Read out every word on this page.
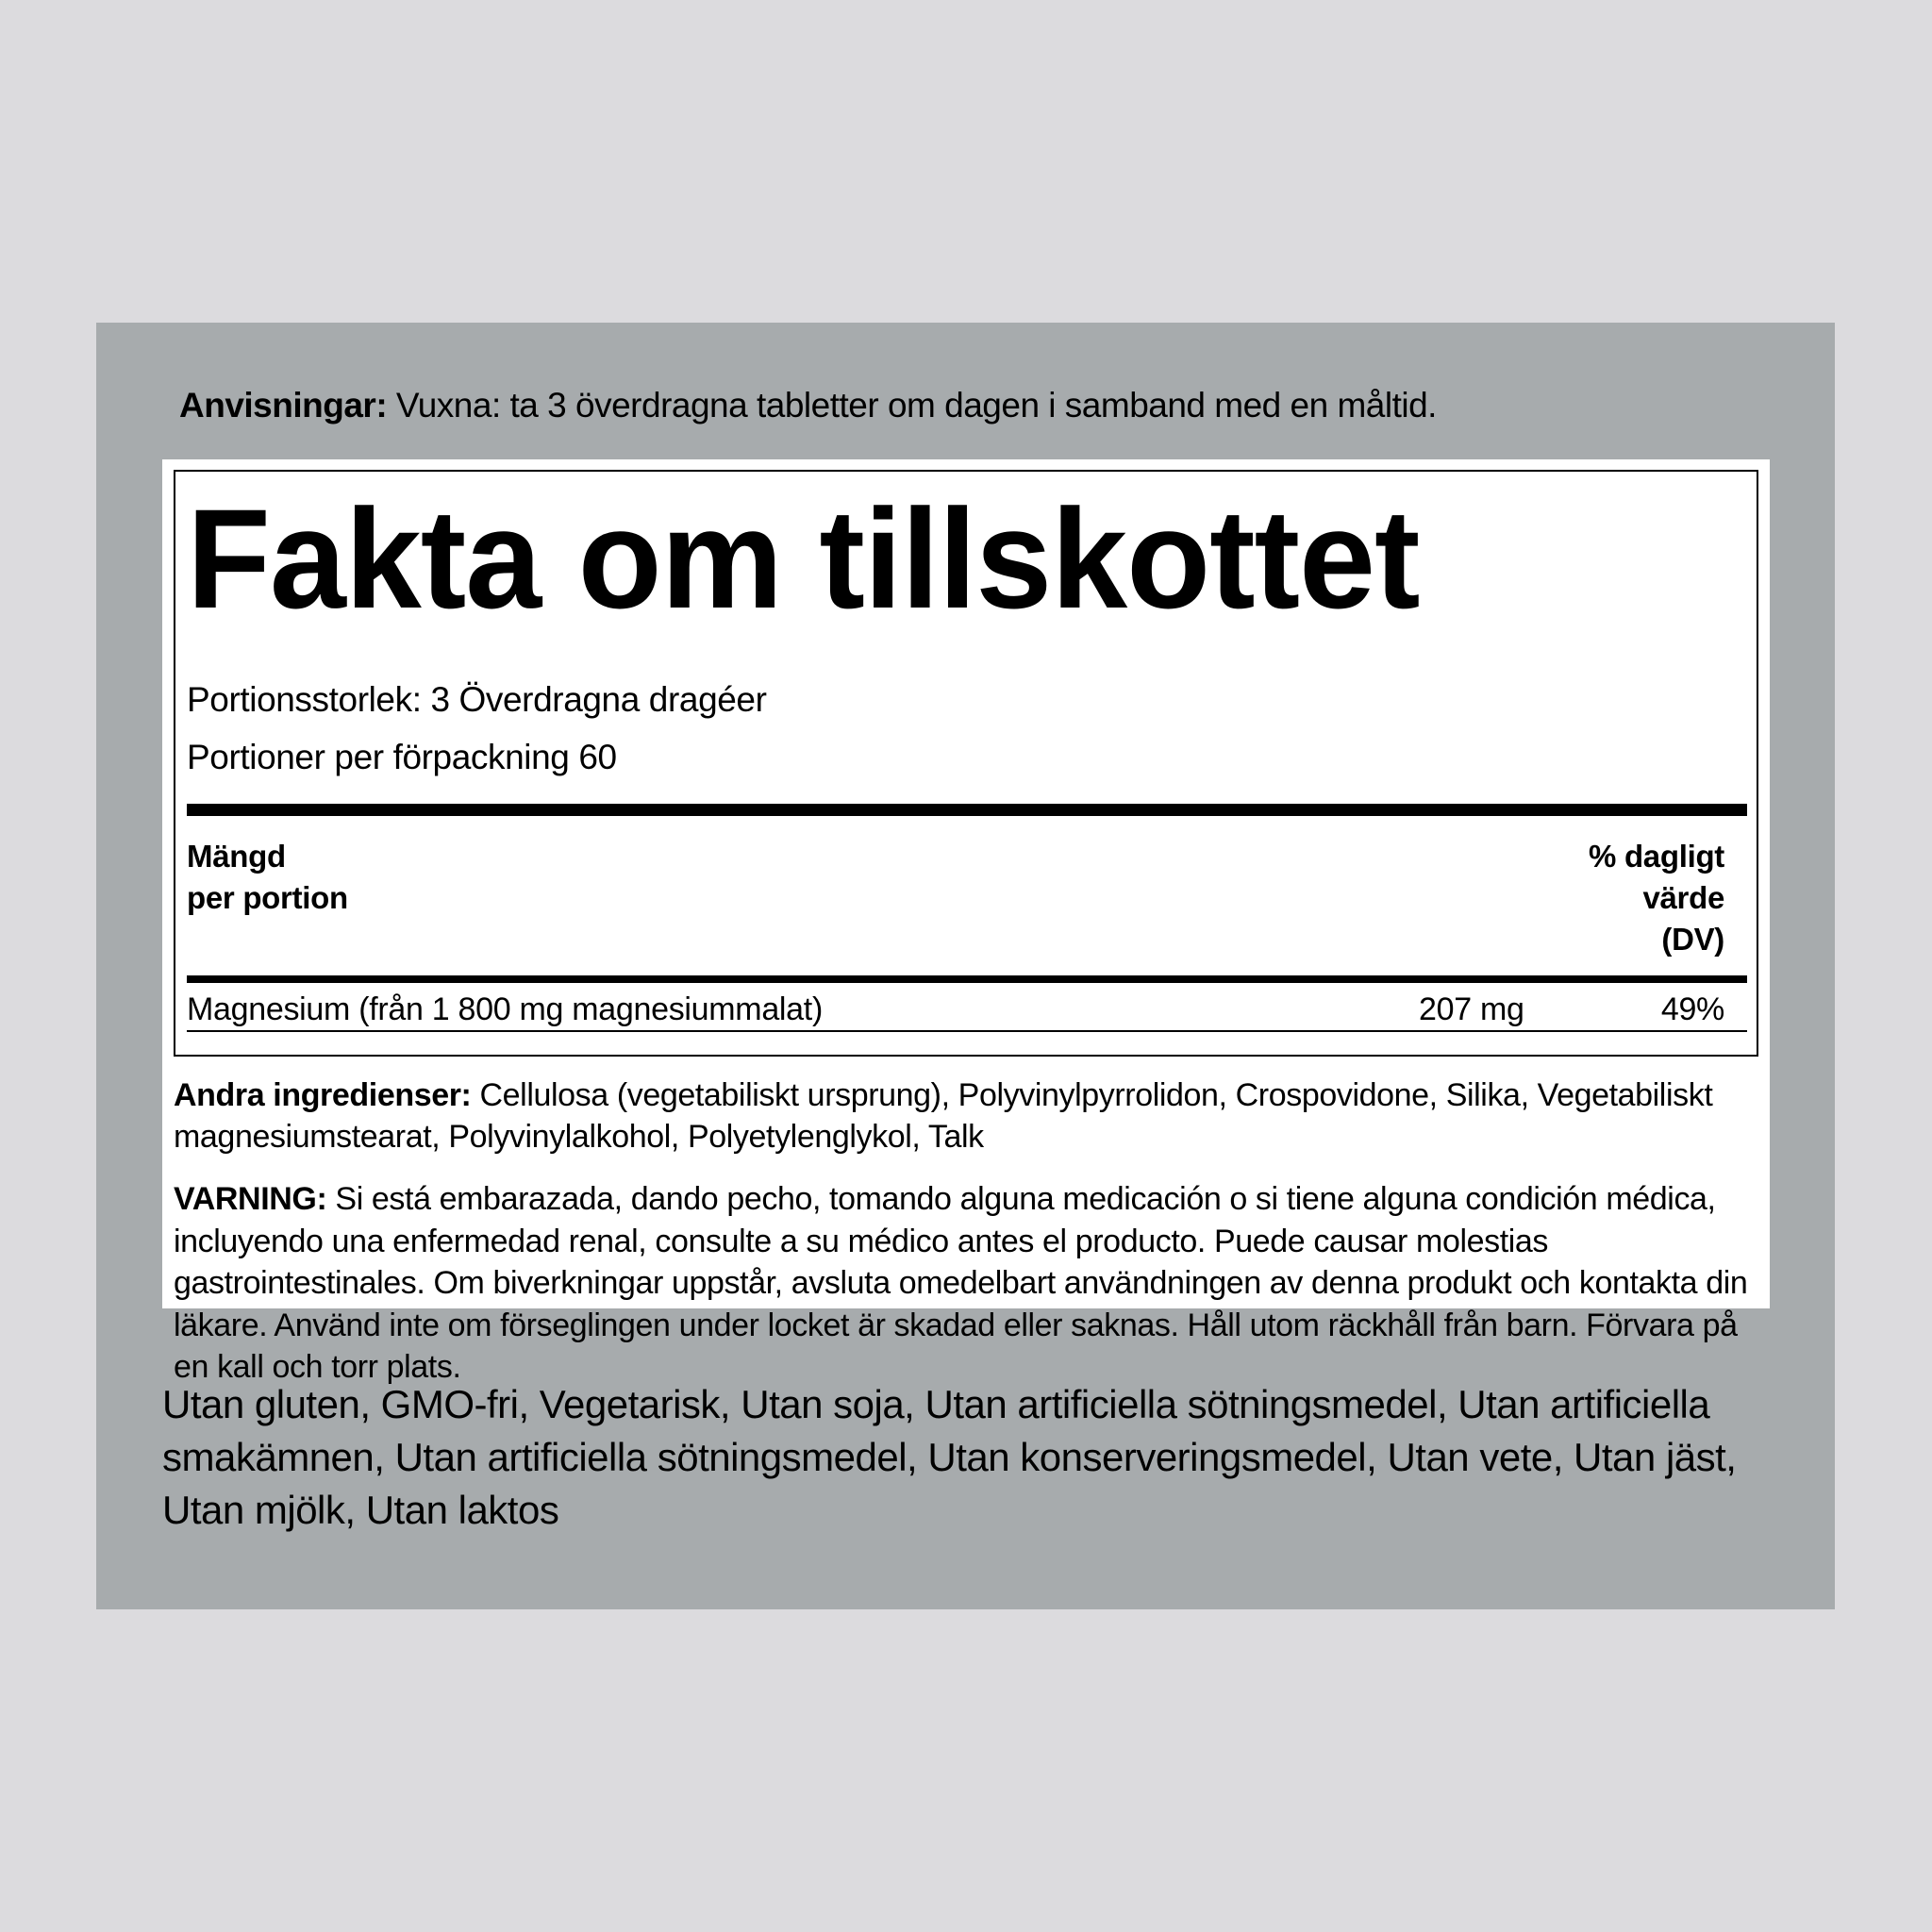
Anvisningar: Vuxna: ta 3 överdragna tabletter om dagen i samband med en måltid.

Fakta om tillskottet
Portionsstorlek: 3 Överdragna dragéer
Portioner per förpackning 60
Mängd
per portion
% dagligt
värde
(DV)
Magnesium (från 1 800 mg magnesiummalat)	207 mg	49%

Andra ingredienser: Cellulosa (vegetabiliskt ursprung), Polyvinylpyrrolidon, Crospovidone, Silika, Vegetabiliskt magnesiumstearat, Polyvinylalkohol, Polyetylenglykol, Talk

VARNING: Si está embarazada, dando pecho, tomando alguna medicación o si tiene alguna condición médica, incluyendo una enfermedad renal, consulte a su médico antes el producto. Puede causar molestias gastrointestinales. Om biverkningar uppstår, avsluta omedelbart användningen av denna produkt och kontakta din läkare. Använd inte om förseglingen under locket är skadad eller saknas. Håll utom räckhåll från barn. Förvara på en kall och torr plats.

Utan gluten, GMO-fri, Vegetarisk, Utan soja, Utan artificiella sötningsmedel, Utan artificiella smakämnen, Utan artificiella sötningsmedel, Utan konserveringsmedel, Utan vete, Utan jäst, Utan mjölk, Utan laktos
